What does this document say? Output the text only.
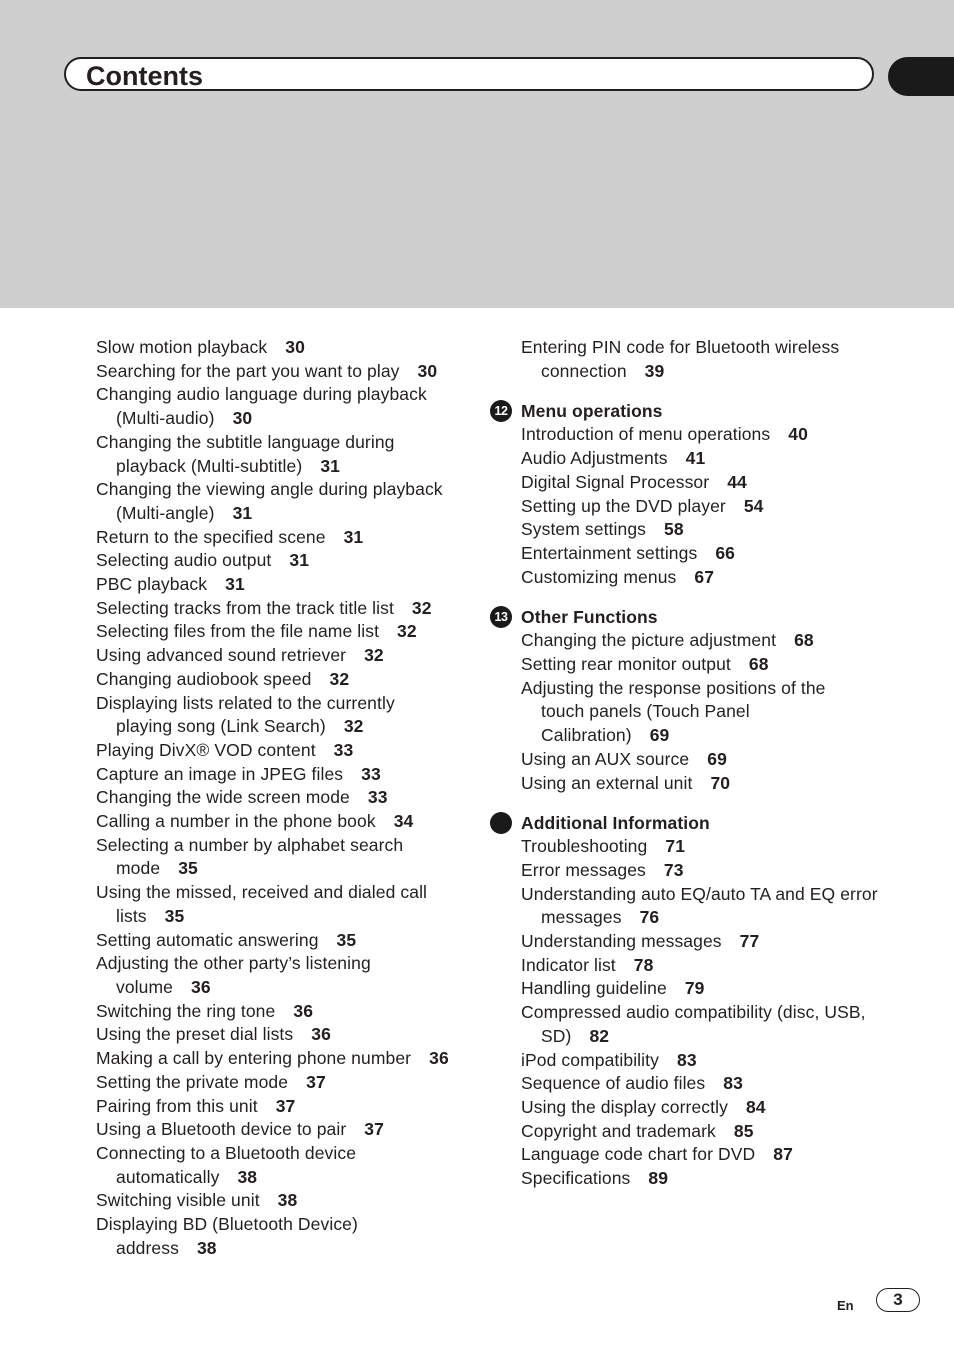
Contents
Slow motion playback 30
Searching for the part you want to play 30
Changing audio language during playback
(Multi-audio) 30
Changing the subtitle language during
playback (Multi-subtitle) 31
Changing the viewing angle during playback
(Multi-angle) 31
Return to the specified scene 31
Selecting audio output 31
PBC playback 31
Selecting tracks from the track title list 32
Selecting files from the file name list 32
Using advanced sound retriever 32
Changing audiobook speed 32
Displaying lists related to the currently
playing song (Link Search) 32
Playing DivX® VOD content 33
Capture an image in JPEG files 33
Changing the wide screen mode 33
Calling a number in the phone book 34
Selecting a number by alphabet search
mode 35
Using the missed, received and dialed call
lists 35
Setting automatic answering 35
Adjusting the other party’s listening
volume 36
Switching the ring tone 36
Using the preset dial lists 36
Making a call by entering phone number 36
Setting the private mode 37
Pairing from this unit 37
Using a Bluetooth device to pair 37
Connecting to a Bluetooth device
automatically 38
Switching visible unit 38
Displaying BD (Bluetooth Device)
address 38
Entering PIN code for Bluetooth wireless
connection 39
12 Menu operations
Introduction of menu operations 40
Audio Adjustments 41
Digital Signal Processor 44
Setting up the DVD player 54
System settings 58
Entertainment settings 66
Customizing menus 67
13 Other Functions
Changing the picture adjustment 68
Setting rear monitor output 68
Adjusting the response positions of the
touch panels (Touch Panel
Calibration) 69
Using an AUX source 69
Using an external unit 70
Additional Information
Troubleshooting 71
Error messages 73
Understanding auto EQ/auto TA and EQ error
messages 76
Understanding messages 77
Indicator list 78
Handling guideline 79
Compressed audio compatibility (disc, USB,
SD) 82
iPod compatibility 83
Sequence of audio files 83
Using the display correctly 84
Copyright and trademark 85
Language code chart for DVD 87
Specifications 89
En	3
